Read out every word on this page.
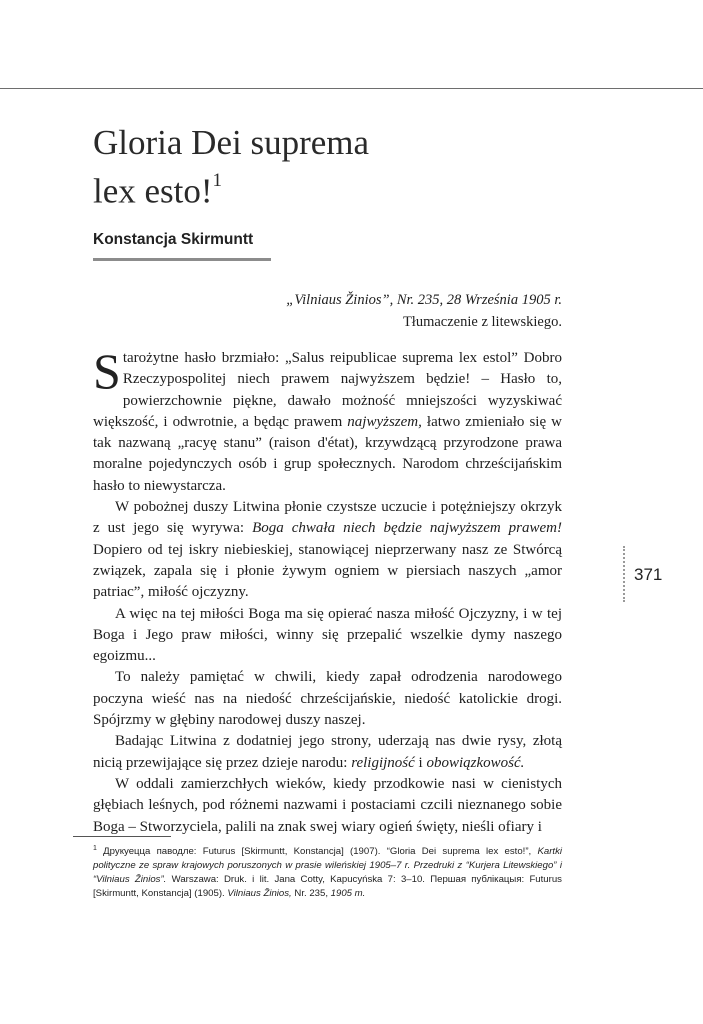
Gloria Dei suprema
lex esto!$^1$

Konstancja Skirmuntt

„Vilniaus Žinios”, Nr. 235, 28 Września 1905 r.

Tłumaczenie z litewskiego.

Starożytne hasło brzmiało: „Salus reipublicae suprema lex estol” Dobro Rzeczypospolitej niech prawem najwyższem będzie! – Hasło to, powierzchownie piękne, dawało możność mniejszości wyzyskiwać większość, i odwrotnie, a będąc prawem najwyższem, łatwo zmieniało się w tak nazwaną „racyę stanu” (raison d'état), krzywdzącą przyrodzone prawa moralne pojedynczych osób i grup społecznych. Narodom chrześcijańskim hasło to niewystarcza.

W pobożnej duszy Litwina płonie czystsze uczucie i potężniejszy okrzyk z ust jego się wyrywa: Boga chwała niech będzie najwyższem prawem! Dopiero od tej iskry niebieskiej, stanowiącej nieprzerwany nasz ze Stwórcą związek, zapala się i płonie żywym ogniem w piersiach naszych „amor patriac”, miłość ojczyzny.

A więc na tej miłości Boga ma się opierać nasza miłość Ojczyzny, i w tej Boga i Jego praw miłości, winny się przepalić wszelkie dymy naszego egoizmu...

To należy pamiętać w chwili, kiedy zapał odrodzenia narodowego poczyna wieść nas na niedość chrześcijańskie, niedość katolickie drogi. Spójrzmy w głębiny narodowej duszy naszej.

Badając Litwina z dodatniej jego strony, uderzają nas dwie rysy, złotą nicią przewijające się przez dzieje narodu: religijność i obowiązkowość.

W oddali zamierzchłych wieków, kiedy przodkowie nasi w cienistych głębiach leśnych, pod różnemi nazwami i postaciami czcili nieznanego sobie Boga – Stworzyciela, palili na znak swej wiary ogień święty, nieśli ofiary i

371

$^1$ Друкуецца паводле: Futurus [Skirmuntt, Konstancja] (1907). “Gloria Dei suprema lex esto!”, Kartki polityczne ze spraw krajowych poruszonych w prasie wileńskiej 1905–7 r. Przedruki z “Kurjera Litewskiego” i “Vilniaus Žinios”. Warszawa: Druk. i lit. Jana Cotty, Kapucyńska 7: 3–10. Першая публікацыя: Futurus [Skirmuntt, Konstancja] (1905). Vilniaus Žinios, Nr. 235, 1905 m.
